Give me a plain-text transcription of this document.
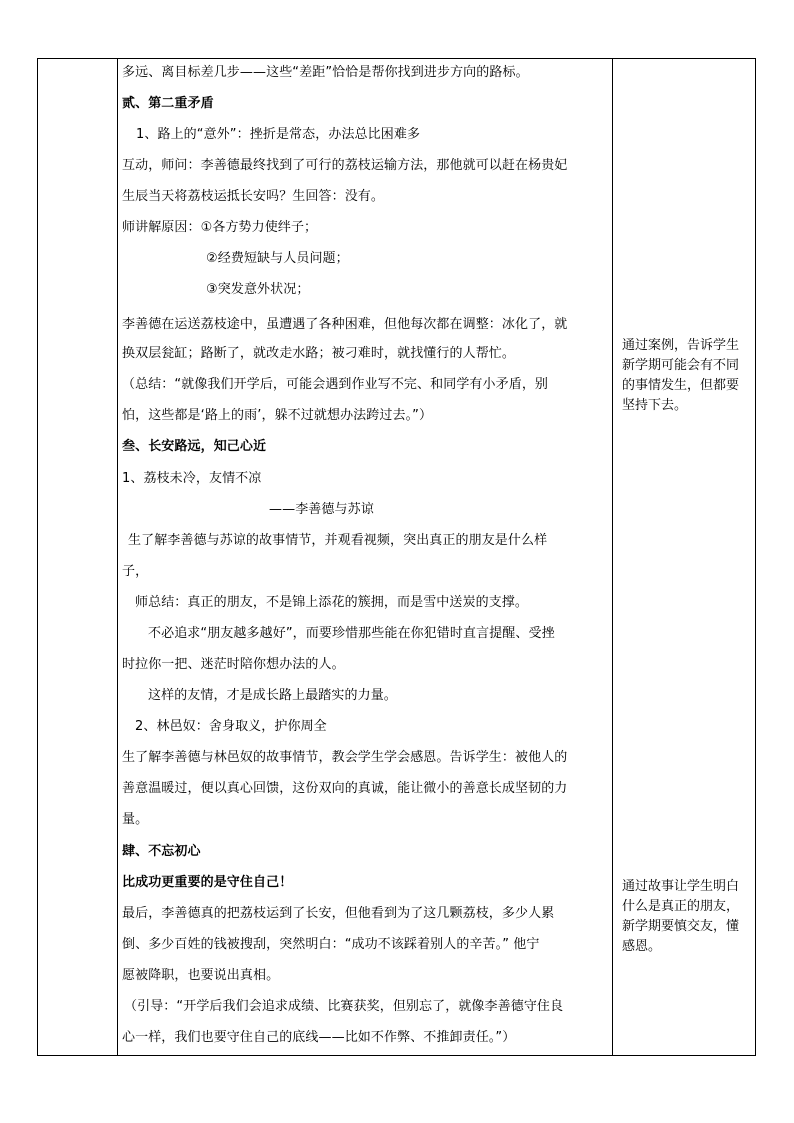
多远、离目标差几步——这些“差距”恰恰是帮你找到进步方向的路标。
贰、第二重矛盾
1、路上的“意外”：挫折是常态，办法总比困难多
互动，师问：李善德最终找到了可行的荔枝运输方法，那他就可以赶在杨贵妃
生辰当天将荔枝运抵长安吗？生回答：没有。
师讲解原因：①各方势力使绊子；
②经费短缺与人员问题；
③突发意外状况；
李善德在运送荔枝途中，虽遭遇了各种困难，但他每次都在调整：冰化了，就
换双层瓮缸；路断了，就改走水路；被刁难时，就找懂行的人帮忙。
（总结：“就像我们开学后，可能会遇到作业写不完、和同学有小矛盾，别
怕，这些都是‘路上的雨’，躲不过就想办法跨过去。”）
叁、长安路远，知己心近
1、荔枝未冷，友情不凉
——李善德与苏谅
生了解李善德与苏谅的故事情节，并观看视频，突出真正的朋友是什么样
子，
师总结：真正的朋友，不是锦上添花的簇拥，而是雪中送炭的支撑。
不必追求“朋友越多越好”，而要珍惜那些能在你犯错时直言提醒、受挫
时拉你一把、迷茫时陪你想办法的人。
这样的友情，才是成长路上最踏实的力量。
2、林邑奴：舍身取义，护你周全
生了解李善德与林邑奴的故事情节，教会学生学会感恩。告诉学生：被他人的
善意温暖过，便以真心回馈，这份双向的真诚，能让微小的善意长成坚韧的力
量。
肆、不忘初心
比成功更重要的是守住自己！
最后，李善德真的把荔枝运到了长安，但他看到为了这几颗荔枝，多少人累
倒、多少百姓的钱被搜刮，突然明白：“成功不该踩着别人的辛苦。” 他宁
愿被降职，也要说出真相。
（引导：“开学后我们会追求成绩、比赛获奖，但别忘了，就像李善德守住良
心一样，我们也要守住自己的底线——比如不作弊、不推卸责任。”）
通过案例，告诉学生
新学期可能会有不同
的事情发生，但都要
坚持下去。
通过故事让学生明白
什么是真正的朋友，
新学期要慎交友，懂
感恩。
